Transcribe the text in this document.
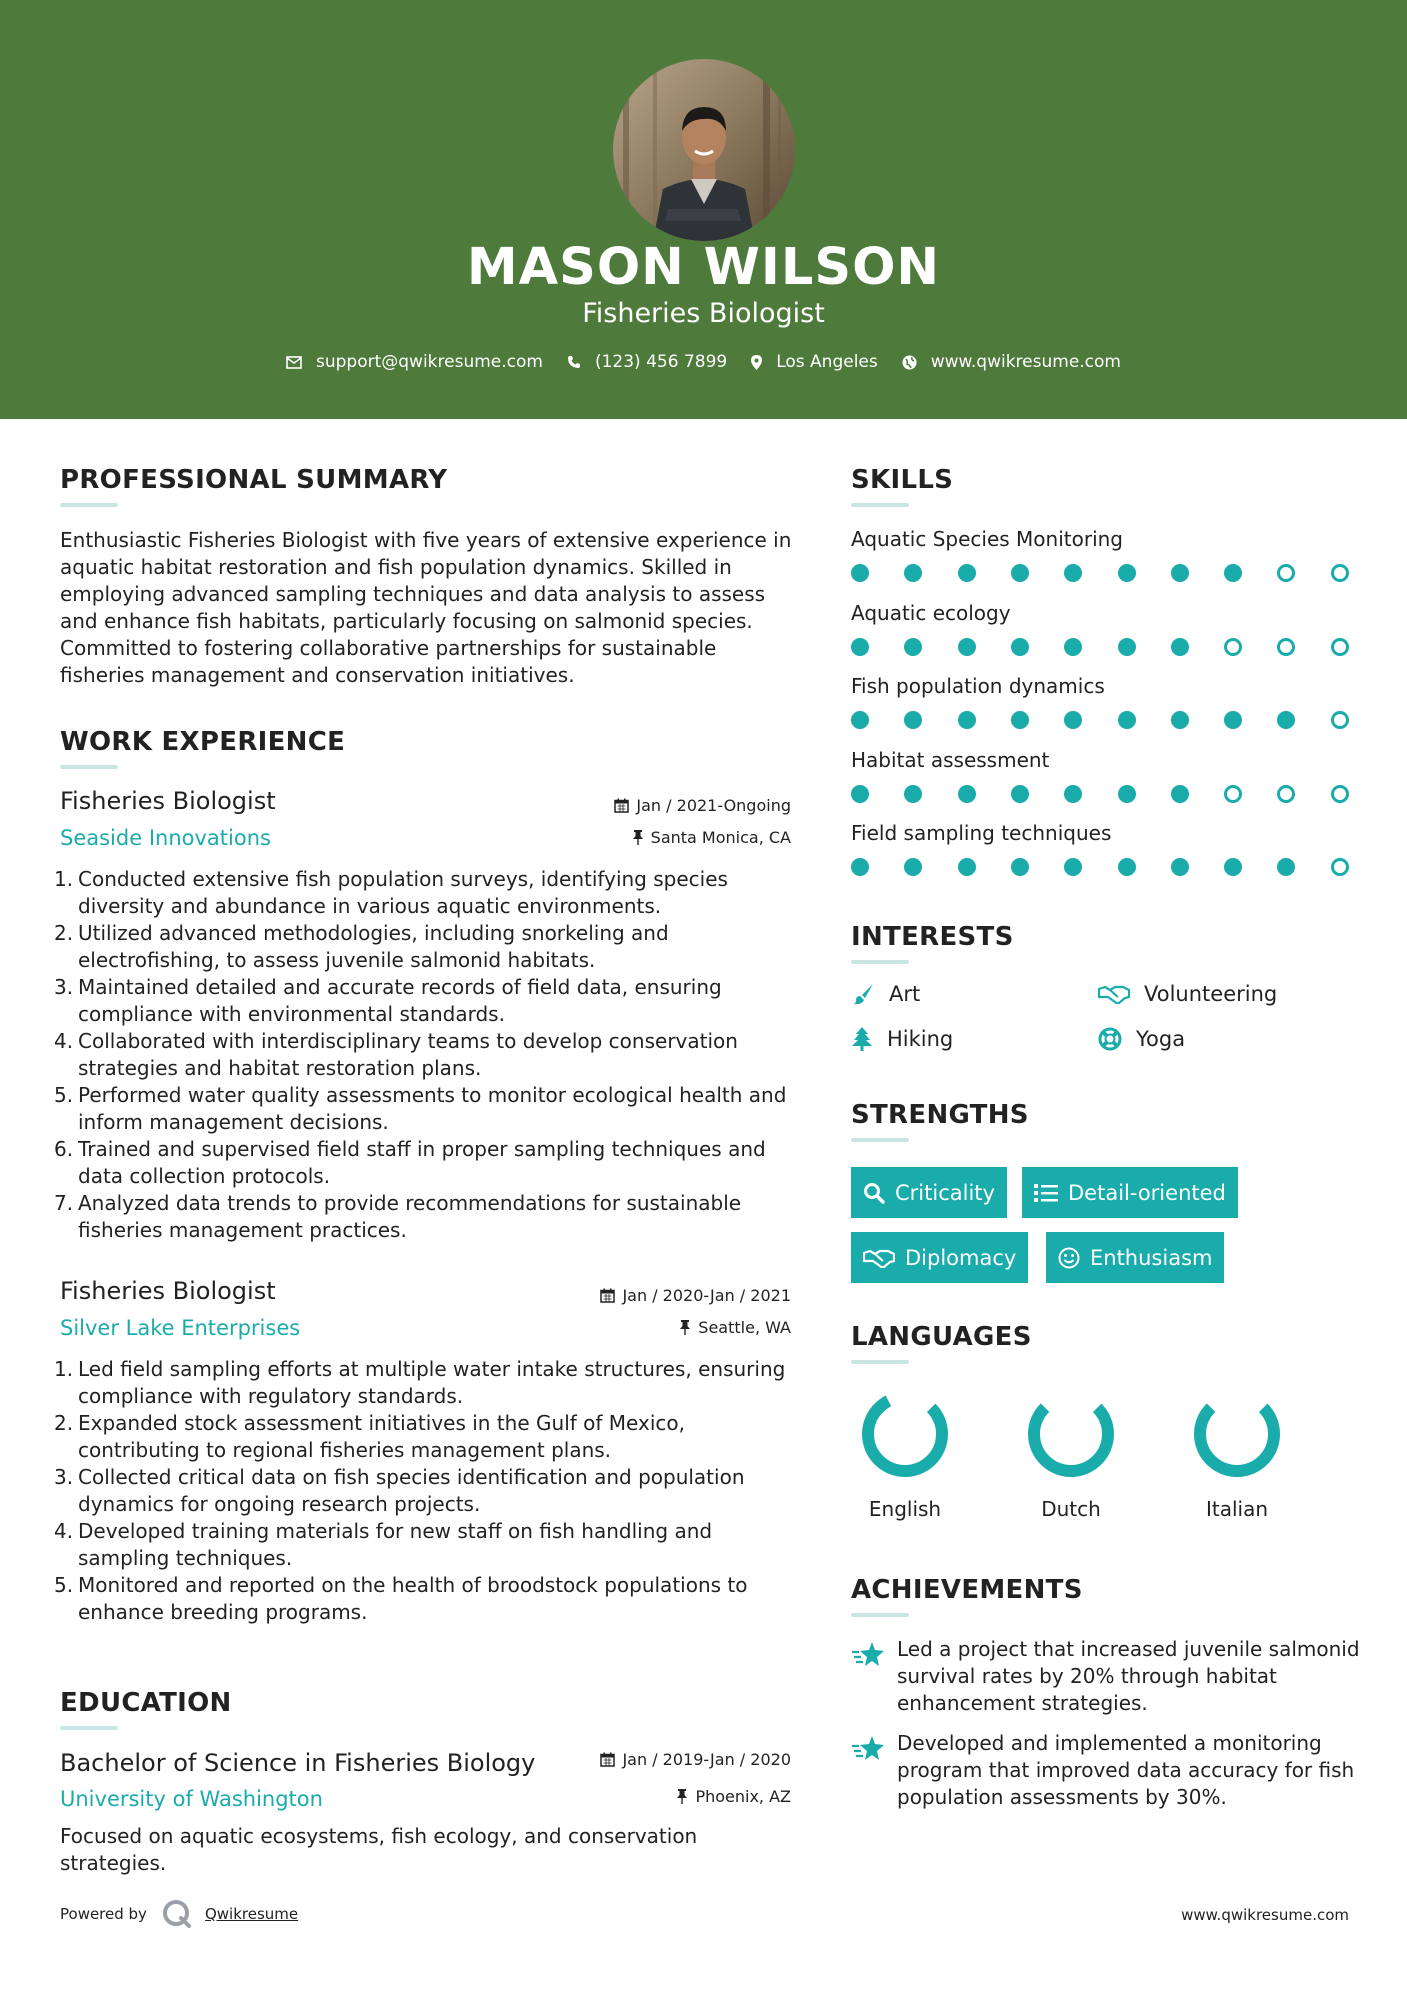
MASON WILSON
Fisheries Biologist
support@qwikresume.com	(123) 456 7899	Los Angeles	www.qwikresume.com
PROFESSIONAL SUMMARY
Enthusiastic Fisheries Biologist with five years of extensive experience in aquatic habitat restoration and fish population dynamics. Skilled in employing advanced sampling techniques and data analysis to assess and enhance fish habitats, particularly focusing on salmonid species. Committed to fostering collaborative partnerships for sustainable fisheries management and conservation initiatives.
WORK EXPERIENCE
Fisheries Biologist	Jan / 2021-Ongoing
Seaside Innovations	Santa Monica, CA
1. Conducted extensive fish population surveys, identifying species diversity and abundance in various aquatic environments.
2. Utilized advanced methodologies, including snorkeling and electrofishing, to assess juvenile salmonid habitats.
3. Maintained detailed and accurate records of field data, ensuring compliance with environmental standards.
4. Collaborated with interdisciplinary teams to develop conservation strategies and habitat restoration plans.
5. Performed water quality assessments to monitor ecological health and inform management decisions.
6. Trained and supervised field staff in proper sampling techniques and data collection protocols.
7. Analyzed data trends to provide recommendations for sustainable fisheries management practices.
Fisheries Biologist	Jan / 2020-Jan / 2021
Silver Lake Enterprises	Seattle, WA
1. Led field sampling efforts at multiple water intake structures, ensuring compliance with regulatory standards.
2. Expanded stock assessment initiatives in the Gulf of Mexico, contributing to regional fisheries management plans.
3. Collected critical data on fish species identification and population dynamics for ongoing research projects.
4. Developed training materials for new staff on fish handling and sampling techniques.
5. Monitored and reported on the health of broodstock populations to enhance breeding programs.
EDUCATION
Bachelor of Science in Fisheries Biology	Jan / 2019-Jan / 2020
University of Washington	Phoenix, AZ
Focused on aquatic ecosystems, fish ecology, and conservation strategies.
SKILLS
Aquatic Species Monitoring
Aquatic ecology
Fish population dynamics
Habitat assessment
Field sampling techniques
INTERESTS
Art	Volunteering
Hiking	Yoga
STRENGTHS
Criticality	Detail-oriented
Diplomacy	Enthusiasm
LANGUAGES
English	Dutch	Italian
ACHIEVEMENTS
Led a project that increased juvenile salmonid survival rates by 20% through habitat enhancement strategies.
Developed and implemented a monitoring program that improved data accuracy for fish population assessments by 30%.
Powered by	Qwikresume	www.qwikresume.com
